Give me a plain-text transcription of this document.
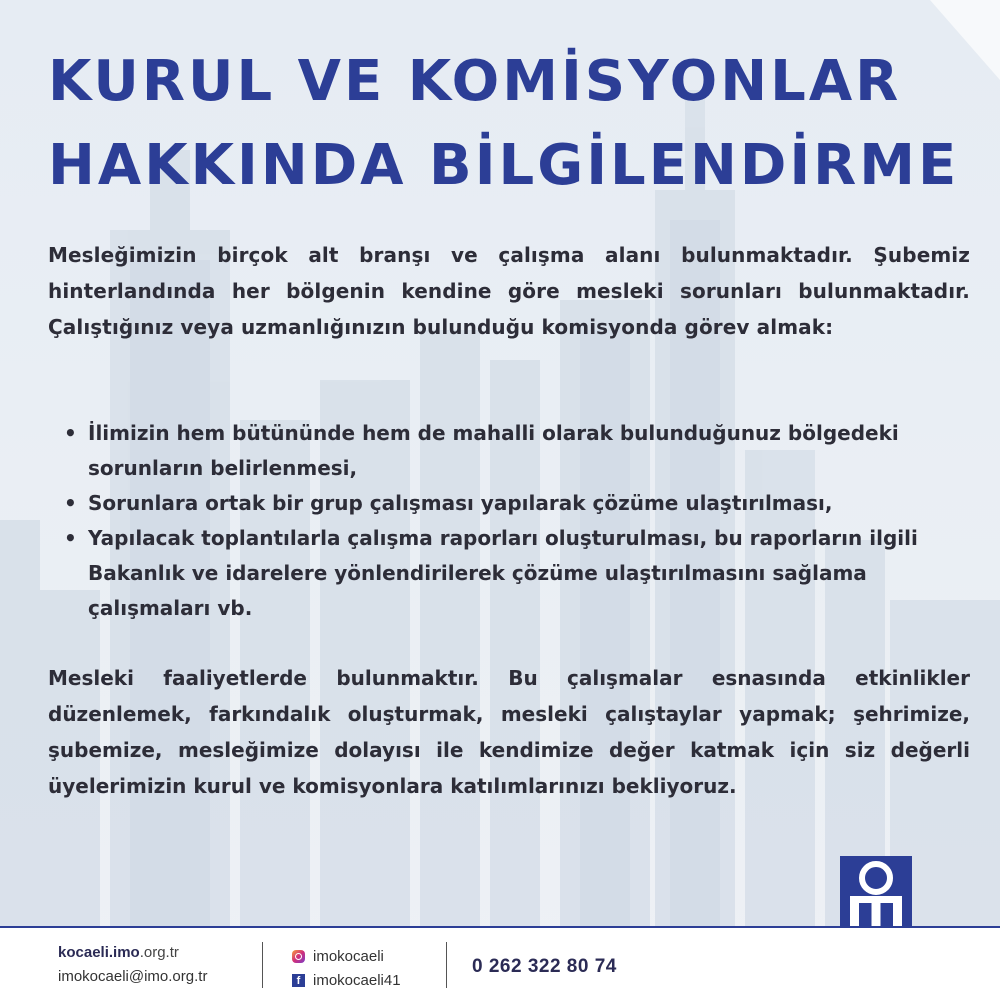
KURUL VE KOMİSYONLAR
HAKKINDA BİLGİLENDİRME

Mesleğimizin birçok alt branşı ve çalışma alanı bulunmaktadır. Şubemiz hinterlandında her bölgenin kendine göre mesleki sorunları bulunmaktadır. Çalıştığınız veya uzmanlığınızın bulunduğu komisyonda görev almak:

• İlimizin hem bütününde hem de mahalli olarak bulunduğunuz bölgedeki sorunların belirlenmesi,
• Sorunlara ortak bir grup çalışması yapılarak çözüme ulaştırılması,
• Yapılacak toplantılarla çalışma raporları oluşturulması, bu raporların ilgili Bakanlık ve idarelere yönlendirilerek çözüme ulaştırılmasını sağlama çalışmaları vb.

Mesleki faaliyetlerde bulunmaktır. Bu çalışmalar esnasında etkinlikler düzenlemek, farkındalık oluşturmak, mesleki çalıştaylar yapmak; şehrimize, şubemize, mesleğimize dolayısı ile kendimize değer katmak için siz değerli üyelerimizin kurul ve komisyonlara katılımlarınızı bekliyoruz.

kocaeli.imo.org.tr
imokocaeli@imo.org.tr
imokocaeli
f imokocaeli41
0 262 322 80 74
